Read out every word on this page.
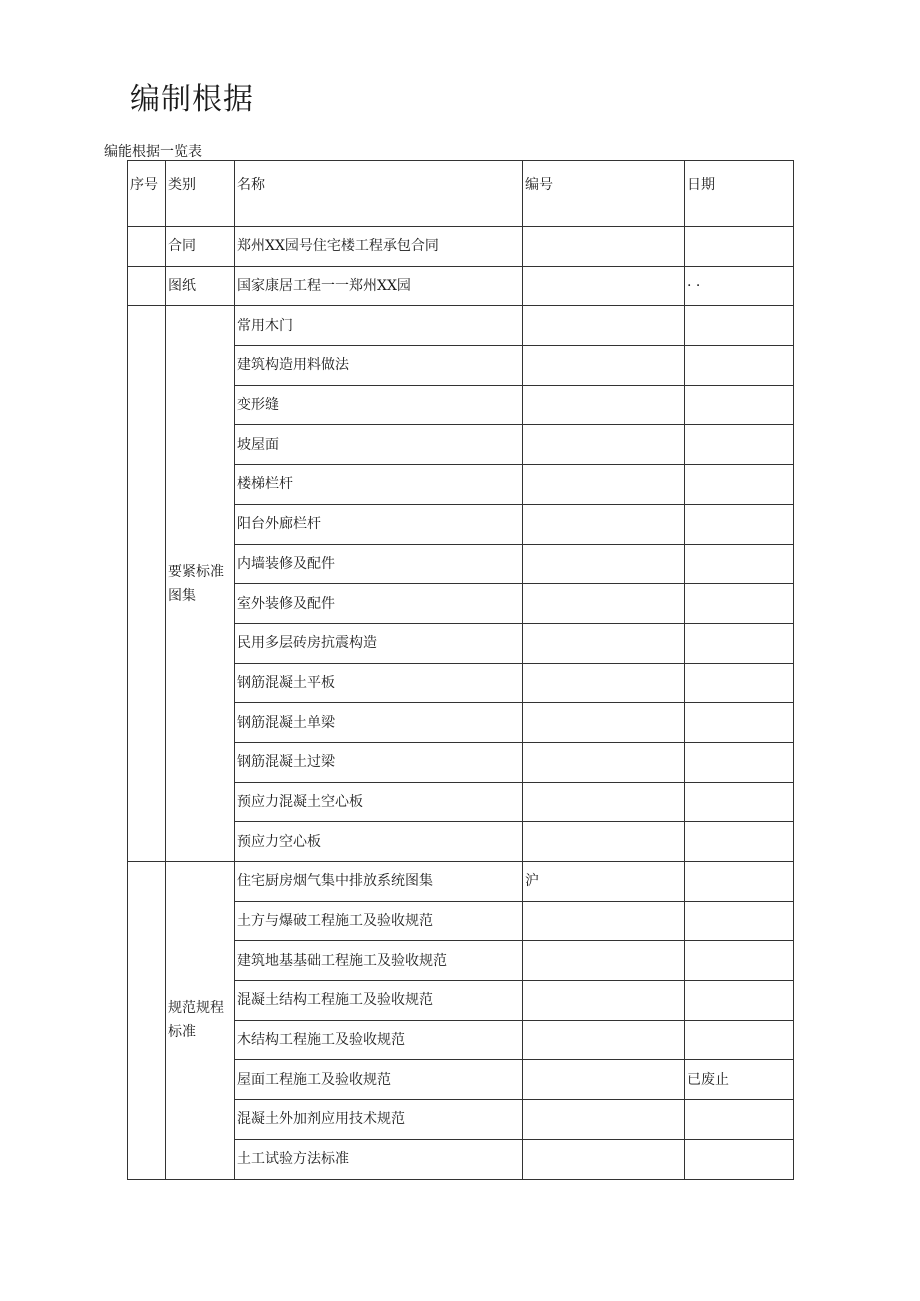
编制根据
编能根据一览表
序号	类别	名称	编号	日期
	合同	郑州XX园号住宅楼工程承包合同		
	图纸	国家康居工程一一郑州XX园		· ·
	要紧标准图集	常用木门		
		建筑构造用料做法		
		变形缝		
		坡屋面		
		楼梯栏杆		
		阳台外廊栏杆		
		内墙装修及配件		
		室外装修及配件		
		民用多层砖房抗震构造		
		钢筋混凝土平板		
		钢筋混凝土单梁		
		钢筋混凝土过梁		
		预应力混凝土空心板		
		预应力空心板		
	规范规程标准	住宅厨房烟气集中排放系统图集	沪	
		土方与爆破工程施工及验收规范		
		建筑地基基础工程施工及验收规范		
		混凝土结构工程施工及验收规范		
		木结构工程施工及验收规范		
		屋面工程施工及验收规范		已废止
		混凝土外加剂应用技术规范		
		土工试验方法标准		
